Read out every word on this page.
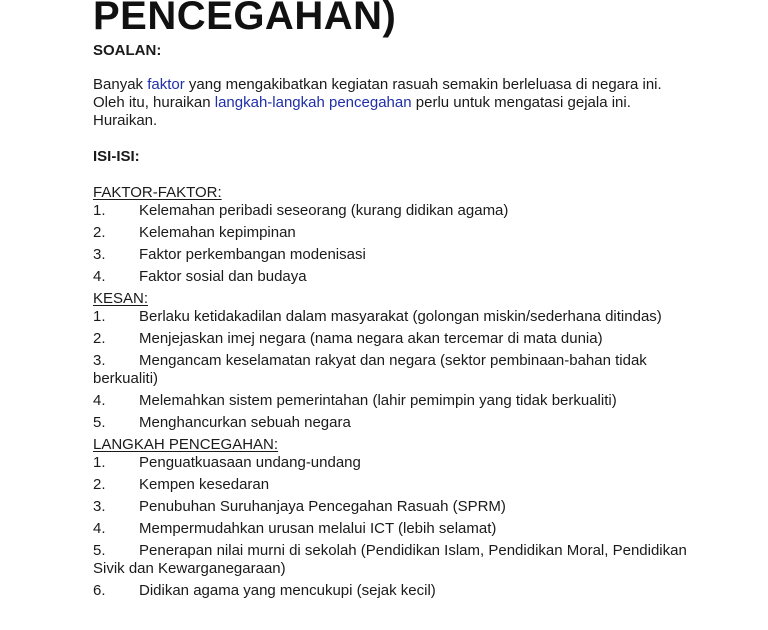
PENCEGAHAN)

SOALAN:

Banyak faktor yang mengakibatkan kegiatan rasuah semakin berleluasa di negara ini. Oleh itu, huraikan langkah-langkah pencegahan perlu untuk mengatasi gejala ini. Huraikan.

ISI-ISI:

FAKTOR-FAKTOR:

1. Kelemahan peribadi seseorang (kurang didikan agama)
2. Kelemahan kepimpinan
3. Faktor perkembangan modenisasi
4. Faktor sosial dan budaya

KESAN:

1. Berlaku ketidakadilan dalam masyarakat (golongan miskin/sederhana ditindas)
2. Menjejaskan imej negara (nama negara akan tercemar di mata dunia)
3. Mengancam keselamatan rakyat dan negara (sektor pembinaan-bahan tidak berkualiti)
4. Melemahkan sistem pemerintahan (lahir pemimpin yang tidak berkualiti)
5. Menghancurkan sebuah negara

LANGKAH PENCEGAHAN:

1. Penguatkuasaan undang-undang
2. Kempen kesedaran
3. Penubuhan Suruhanjaya Pencegahan Rasuah (SPRM)
4. Mempermudahkan urusan melalui ICT (lebih selamat)
5. Penerapan nilai murni di sekolah (Pendidikan Islam, Pendidikan Moral, Pendidikan Sivik dan Kewarganegaraan)
6. Didikan agama yang mencukupi (sejak kecil)
